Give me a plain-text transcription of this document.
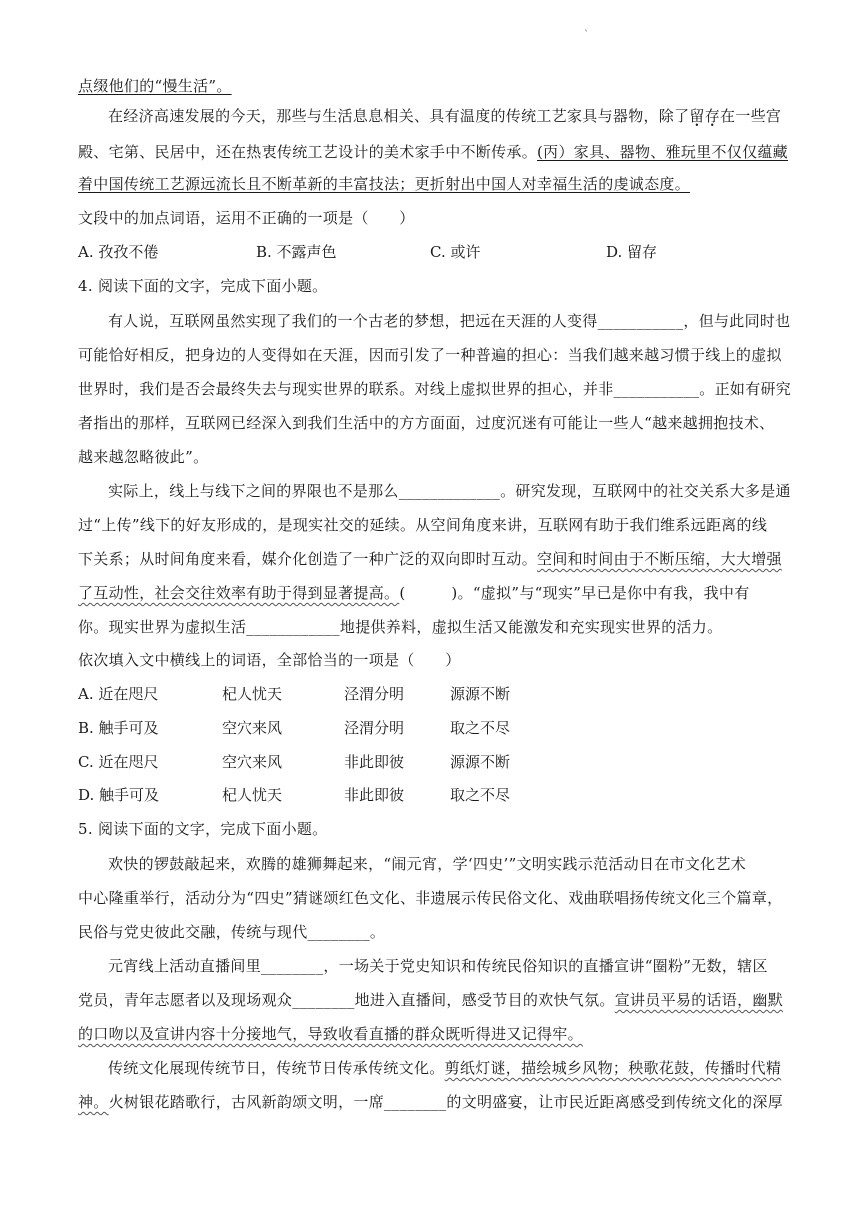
`
点缀他们的“慢生活”。
在经济高速发展的今天，那些与生活息息相关、具有温度的传统工艺家具与器物，除了留存在一些宫
殿、宅第、民居中，还在热衷传统工艺设计的美术家手中不断传承。(丙）家具、器物、雅玩里不仅仅蕴藏
着中国传统工艺源远流长且不断革新的丰富技法；更折射出中国人对幸福生活的虔诚态度。
文段中的加点词语，运用不正确的一项是（　　）
A. 孜孜不倦	B. 不露声色	C. 或许	D. 留存
4. 阅读下面的文字，完成下面小题。
有人说，互联网虽然实现了我们的一个古老的梦想，把远在天涯的人变得___________，但与此同时也
可能恰好相反，把身边的人变得如在天涯，因而引发了一种普遍的担心：当我们越来越习惯于线上的虚拟
世界时，我们是否会最终失去与现实世界的联系。对线上虚拟世界的担心，并非___________。正如有研究
者指出的那样，互联网已经深入到我们生活中的方方面面，过度沉迷有可能让一些人“越来越拥抱技术、
越来越忽略彼此”。
实际上，线上与线下之间的界限也不是那么_____________。研究发现，互联网中的社交关系大多是通
过“上传”线下的好友形成的，是现实社交的延续。从空间角度来讲，互联网有助于我们维系远距离的线
下关系；从时间角度来看，媒介化创造了一种广泛的双向即时互动。空间和时间由于不断压缩，大大增强
了互动性，社会交往效率有助于得到显著提高。(　　　)。“虚拟”与“现实”早已是你中有我，我中有
你。现实世界为虚拟生活____________地提供养料，虚拟生活又能激发和充实现实世界的活力。
依次填入文中横线上的词语，全部恰当的一项是（　　）
A. 近在咫尺	杞人忧天	泾渭分明	源源不断
B. 触手可及	空穴来风	泾渭分明	取之不尽
C. 近在咫尺	空穴来风	非此即彼	源源不断
D. 触手可及	杞人忧天	非此即彼	取之不尽
5. 阅读下面的文字，完成下面小题。
欢快的锣鼓敲起来，欢腾的雄狮舞起来，“闹元宵，学‘四史’”文明实践示范活动日在市文化艺术
中心隆重举行，活动分为“四史”猜谜颂红色文化、非遗展示传民俗文化、戏曲联唱扬传统文化三个篇章，
民俗与党史彼此交融，传统与现代________。
元宵线上活动直播间里________，一场关于党史知识和传统民俗知识的直播宣讲“圈粉”无数，辖区
党员，青年志愿者以及现场观众________地进入直播间，感受节目的欢快气氛。宣讲员平易的话语，幽默
的口吻以及宣讲内容十分接地气，导致收看直播的群众既听得进又记得牢。
传统文化展现传统节日，传统节日传承传统文化。剪纸灯谜，描绘城乡风物；秧歌花鼓，传播时代精
神。火树银花踏歌行，古风新韵颂文明，一席________的文明盛宴，让市民近距离感受到传统文化的深厚
